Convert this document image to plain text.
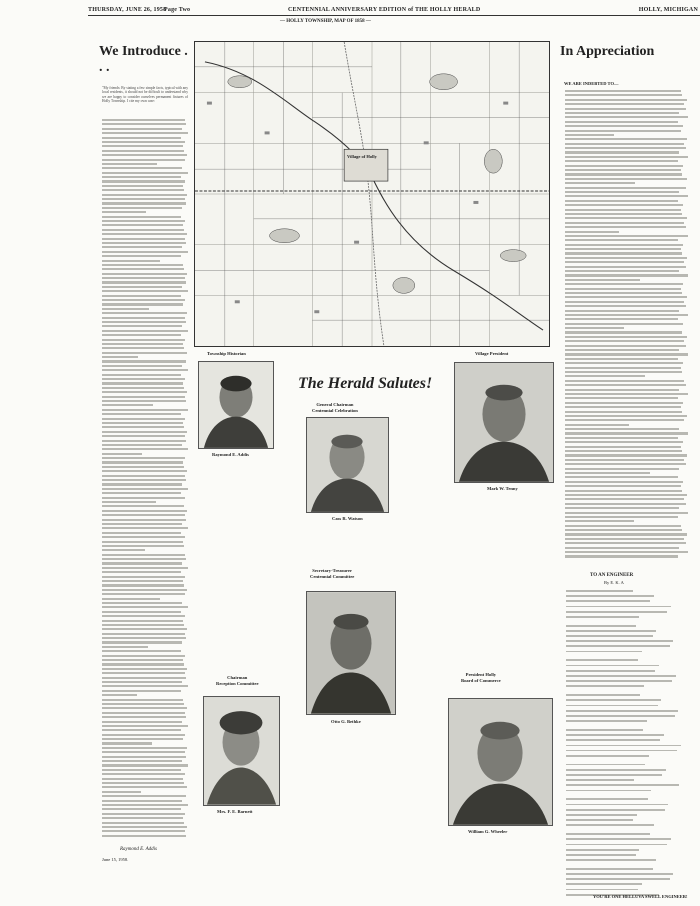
THURSDAY, JUNE 26, 1958
Page Two	CENTENNIAL ANNIVERSARY EDITION of THE HOLLY HERALD	HOLLY, MICHIGAN
— HOLLY TOWNSHIP, MAP OF 1858 —
We Introduce . . .
"My friends: By stating a few simple facts, typical with any local residents, it should not be difficult to understand why we are happy to consider ourselves permanent fixtures of Holly Township. I cite my own case:
Raymond E. Addis
June 15, 1958.
Village of Holly
The Herald Salutes!
Township Historian
Raymond E. Addis
General Chairman
Centennial Celebration
Cass R. Watson
Village President
Mark W. Tenny
Chairman
Reception Committee
Mrs. F. E. Barnett
Secretary-Treasurer
Centennial Committee
Otto G. Bethke
President Holly
Board of Commerce
William G. Wheeler
In Appreciation
WE ARE INDEBTED TO—
TO AN ENGINEER
By E. K. A
YOU'RE ONE HELLUVA SWELL ENGINEER!
